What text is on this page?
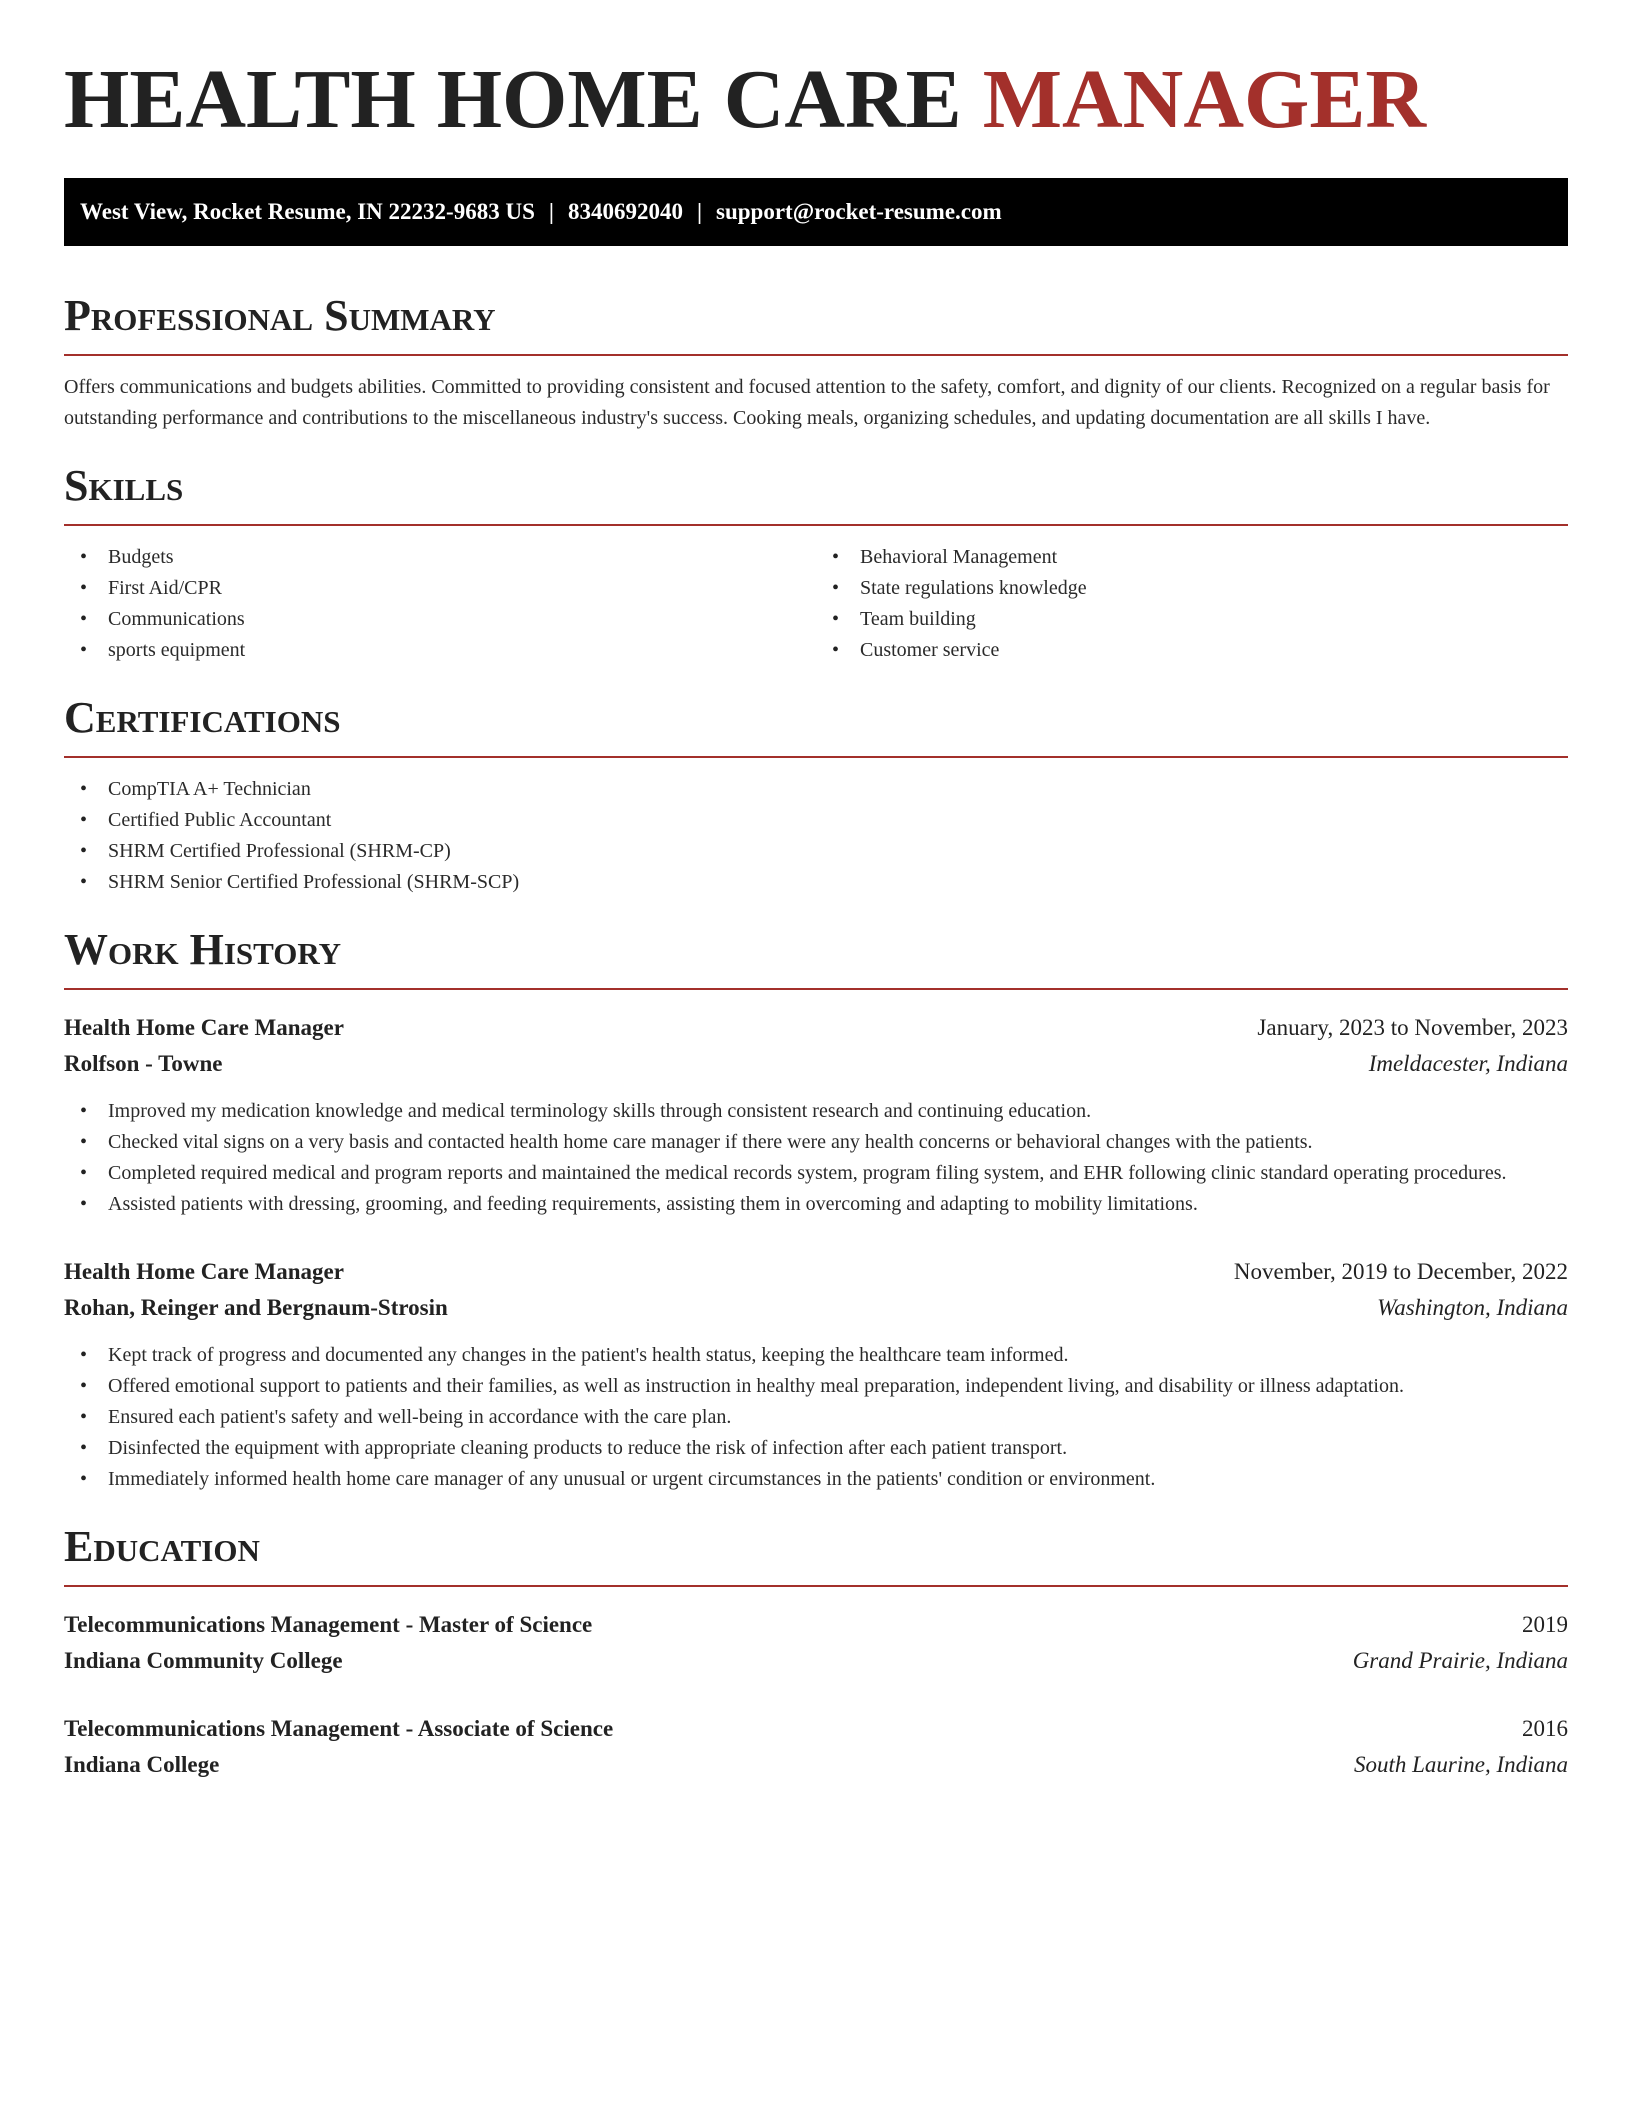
HEALTH HOME CARE MANAGER
West View, Rocket Resume, IN 22232-9683 US | 8340692040 | support@rocket-resume.com
Professional Summary

Offers communications and budgets abilities. Committed to providing consistent and focused attention to the safety, comfort, and dignity of our clients. Recognized on a regular basis for outstanding performance and contributions to the miscellaneous industry's success. Cooking meals, organizing schedules, and updating documentation are all skills I have.

Skills
• Budgets
• First Aid/CPR
• Communications
• sports equipment
• Behavioral Management
• State regulations knowledge
• Team building
• Customer service
Certifications
• CompTIA A+ Technician
• Certified Public Accountant
• SHRM Certified Professional (SHRM-CP)
• SHRM Senior Certified Professional (SHRM-SCP)
Work History
Health Home Care Manager	January, 2023 to November, 2023
Rolfson - Towne	Imeldacester, Indiana
• Improved my medication knowledge and medical terminology skills through consistent research and continuing education.
• Checked vital signs on a very basis and contacted health home care manager if there were any health concerns or behavioral changes with the patients.
• Completed required medical and program reports and maintained the medical records system, program filing system, and EHR following clinic standard operating procedures.
• Assisted patients with dressing, grooming, and feeding requirements, assisting them in overcoming and adapting to mobility limitations.
Health Home Care Manager	November, 2019 to December, 2022
Rohan, Reinger and Bergnaum-Strosin	Washington, Indiana
• Kept track of progress and documented any changes in the patient's health status, keeping the healthcare team informed.
• Offered emotional support to patients and their families, as well as instruction in healthy meal preparation, independent living, and disability or illness adaptation.
• Ensured each patient's safety and well-being in accordance with the care plan.
• Disinfected the equipment with appropriate cleaning products to reduce the risk of infection after each patient transport.
• Immediately informed health home care manager of any unusual or urgent circumstances in the patients' condition or environment.
Education
Telecommunications Management - Master of Science	2019
Indiana Community College	Grand Prairie, Indiana
Telecommunications Management - Associate of Science	2016
Indiana College	South Laurine, Indiana
